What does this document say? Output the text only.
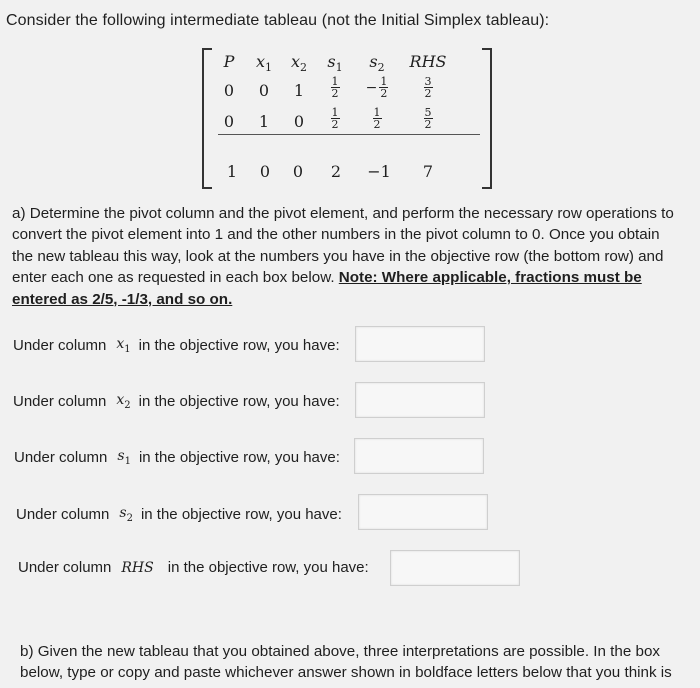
Consider the following intermediate tableau (not the Initial Simplex tableau):
P	$x_1$	$x_2$	$s_1$	$s_2$	RHS
0	0	1	$\frac{1}{2}$	− $\frac{1}{2}$	$\frac{3}{2}$
0	1	0	$\frac{1}{2}$	$\frac{1}{2}$	$\frac{5}{2}$
1	0	0	2	−1	7
a) Determine the pivot column and the pivot element, and perform the necessary row operations to convert the pivot element into 1 and the other numbers in the pivot column to 0. Once you obtain the new tableau this way, look at the numbers you have in the objective row (the bottom row) and enter each one as requested in each box below. Note: Where applicable, fractions must be entered as 2/5, -1/3, and so on.
Under column $x_1$ in the objective row, you have:
Under column $x_2$ in the objective row, you have:
Under column $s_1$ in the objective row, you have:
Under column $s_2$ in the objective row, you have:
Under column RHS in the objective row, you have:
b) Given the new tableau that you obtained above, three interpretations are possible. In the box below, type or copy and paste whichever answer shown in boldface letters below that you think is
